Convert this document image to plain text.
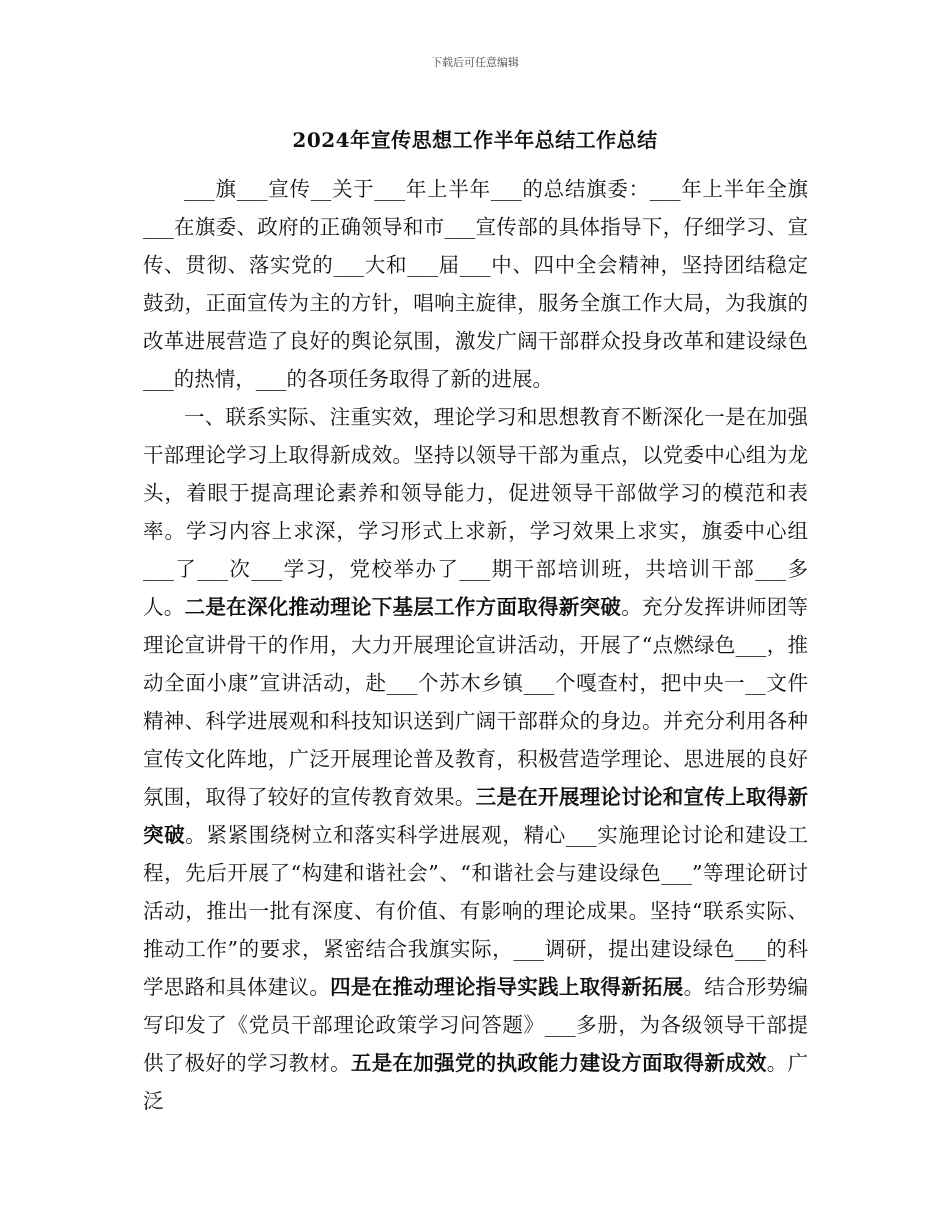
下载后可任意编辑
2024年宣传思想工作半年总结工作总结

___旗___宣传__关于___年上半年___的总结旗委：___年上半年全旗___在旗委、政府的正确领导和市___宣传部的具体指导下，仔细学习、宣传、贯彻、落实党的___大和___届___中、四中全会精神，坚持团结稳定鼓劲，正面宣传为主的方针，唱响主旋律，服务全旗工作大局，为我旗的改革进展营造了良好的舆论氛围，激发广阔干部群众投身改革和建设绿色___的热情，___的各项任务取得了新的进展。

一、联系实际、注重实效，理论学习和思想教育不断深化一是在加强干部理论学习上取得新成效。坚持以领导干部为重点，以党委中心组为龙头，着眼于提高理论素养和领导能力，促进领导干部做学习的模范和表率。学习内容上求深，学习形式上求新，学习效果上求实，旗委中心组___了___次___学习，党校举办了___期干部培训班，共培训干部___多人。二是在深化推动理论下基层工作方面取得新突破。充分发挥讲师团等理论宣讲骨干的作用，大力开展理论宣讲活动，开展了“点燃绿色___，推动全面小康”宣讲活动，赴___个苏木乡镇___个嘎查村，把中央一__文件精神、科学进展观和科技知识送到广阔干部群众的身边。并充分利用各种宣传文化阵地，广泛开展理论普及教育，积极营造学理论、思进展的良好氛围，取得了较好的宣传教育效果。三是在开展理论讨论和宣传上取得新突破。紧紧围绕树立和落实科学进展观，精心___实施理论讨论和建设工程，先后开展了“构建和谐社会”、“和谐社会与建设绿色___”等理论研讨活动，推出一批有深度、有价值、有影响的理论成果。坚持“联系实际、推动工作”的要求，紧密结合我旗实际，___调研，提出建设绿色___的科学思路和具体建议。四是在推动理论指导实践上取得新拓展。结合形势编写印发了《党员干部理论政策学习问答题》___多册，为各级领导干部提供了极好的学习教材。五是在加强党的执政能力建设方面取得新成效。广泛
